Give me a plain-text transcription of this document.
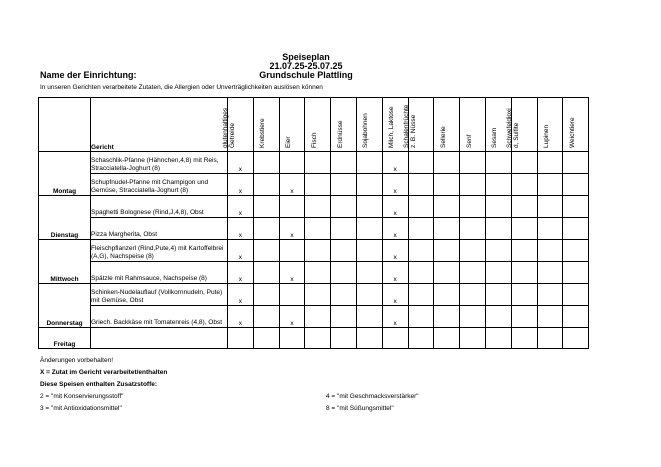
Speiseplan
21.07.25-25.07.25
Grundschule Plattling
Name der Einrichtung:
In unseren Gerichten verarbeitete Zutaten, die Allergien oder Unverträglichkeiten auslösen können
	Gericht	glutenhaltiges Getreide	Krebstiere	Eier	Fisch	Erdnüsse	Sojabohnen	Milch, Laktose	Schalenfrüchte z. B. Nüsse	Sellerie	Senf	Sesam	Schwefeldioxi d, Sulfite	Lupinen	Weichtiere

Montag	Schaschlik-Pfanne (Hähnchen,4,8) mit Reis, Stracciatella-Joghurt (8)	x						x							
	Schupfnudel-Pfanne mit Champigon und Gemüse, Stracciatella-Joghurt (8)	x		x				x							
Dienstag	Spaghetti Bolognese (Rind,J,4,8), Obst	x						x							
	Pizza Margherita, Obst	x		x				x							
Mittwoch	Fleischpflanzerl (Rind,Pute,4) mit Kartoffelbrei (A,G), Nachspeise (8)	x						x							
	Spätzle mit Rahmsauce, Nachspeise (8)	x		x				x							
Donnerstag	Schinken-Nudelauflauf (Vollkornnudeln, Pute) mit Gemüse, Obst	x						x							
	Griech. Backkäse mit Tomatenreis (4,8), Obst	x		x				x							
Freitag															
Änderungen vorbehalten!
X = Zutat im Gericht verarbeitet/enthalten
Diese Speisen enthalten Zusatzstoffe:
2 = "mit Konservierungsstoff"
3 = "mit Antioxidationsmittel"
4 = "mit Geschmacksverstärker"
8 = "mit Süßungsmittel"
